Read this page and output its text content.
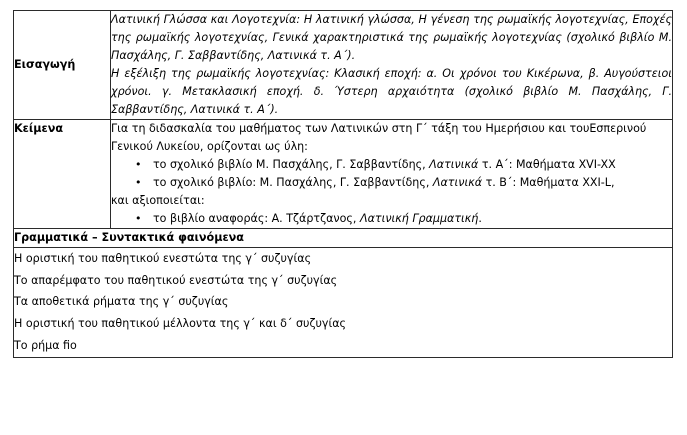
Εισαγωγή	Λατινική Γλώσσα και Λογοτεχνία: Η λατινική γλώσσα, Η γένεση της ρωμαϊκής λογοτεχνίας, Εποχές της ρωμαϊκής λογοτεχνίας, Γενικά χαρακτηριστικά της ρωμαϊκής λογοτεχνίας (σχολικό βιβλίο Μ. Πασχάλης, Γ. Σαββαντίδης, Λατινικά τ. Α΄).

Η εξέλιξη της ρωμαϊκής λογοτεχνίας: Κλασική εποχή: α. Οι χρόνοι του Κικέρωνα, β. Αυγούστειοι χρόνοι. γ. Μετακλασική εποχή. δ. Ύστερη αρχαιότητα (σχολικό βιβλίο Μ. Πασχάλης, Γ. Σαββαντίδης, Λατινικά τ. Α΄).

Κείμενα	Για τη διδασκαλία του μαθήματος των Λατινικών στη Γ΄ τάξη του Ημερήσιου και τουΕσπερινού Γενικού Λυκείου, ορίζονται ως ύλη:

• το σχολικό βιβλίο Μ. Πασχάλης, Γ. Σαββαντίδης, Λατινικά τ. Α΄: Μαθήματα XVI-XX
• το σχολικό βιβλίο: Μ. Πασχάλης, Γ. Σαββαντίδης, Λατινικά τ. Β΄: Μαθήματα XXI-L,

και αξιοποιείται:

• το βιβλίο αναφοράς: Α. Τζάρτζανος, Λατινική Γραμματική.

Γραμματικά – Συντακτικά φαινόμενα	

Η οριστική του παθητικού ενεστώτα της γ΄ συζυγίας
Το απαρέμφατο του παθητικού ενεστώτα της γ΄ συζυγίας
Τα αποθετικά ρήματα της γ΄ συζυγίας
Η οριστική του παθητικού μέλλοντα της γ΄ και δ΄ συζυγίας
Το ρήμα fio	
